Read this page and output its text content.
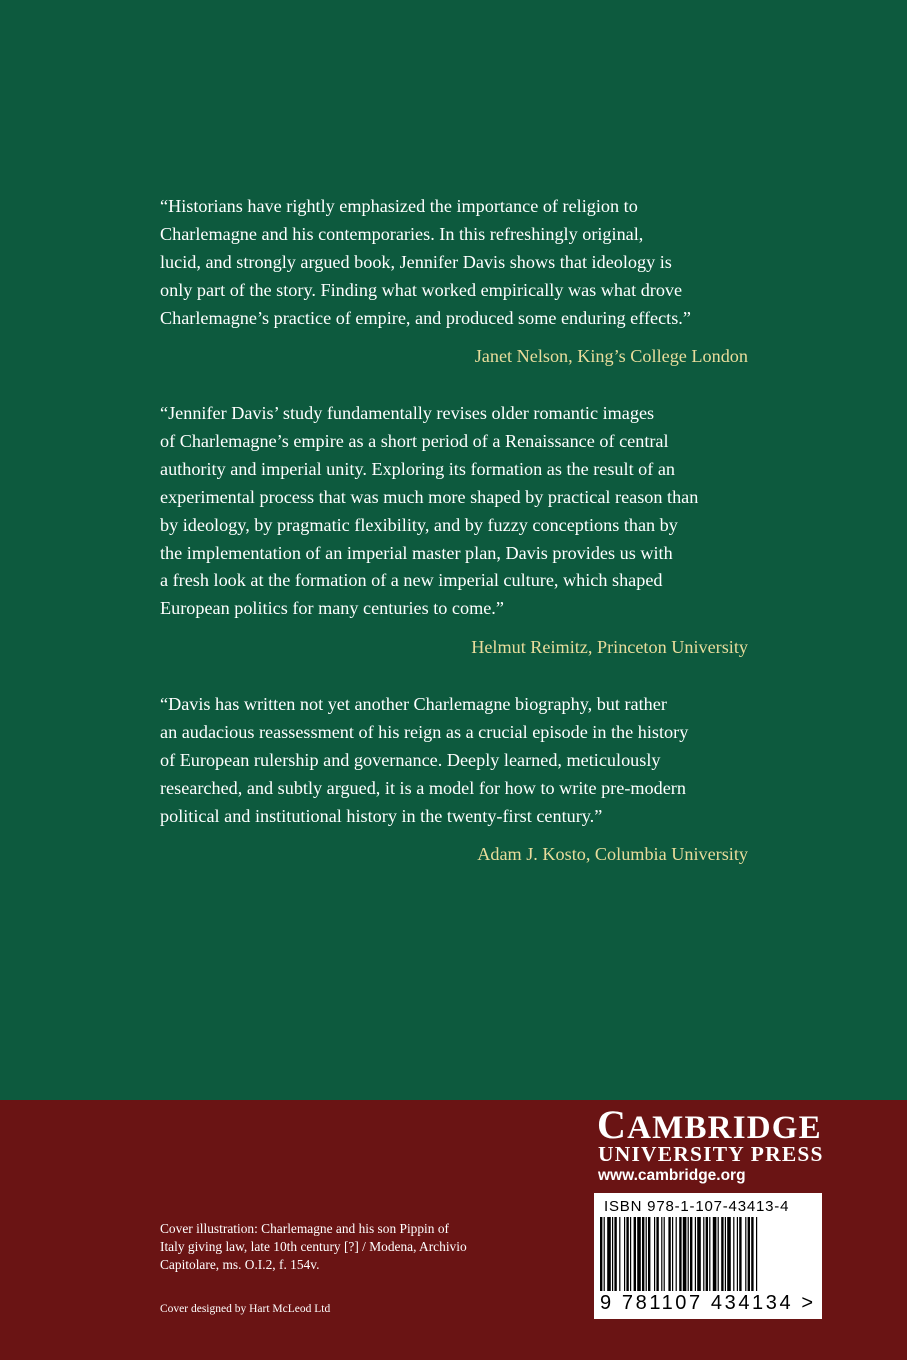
“Historians have rightly emphasized the importance of religion to
Charlemagne and his contemporaries. In this refreshingly original,
lucid, and strongly argued book, Jennifer Davis shows that ideology is
only part of the story. Finding what worked empirically was what drove
Charlemagne’s practice of empire, and produced some enduring effects.”
Janet Nelson, King’s College London
“Jennifer Davis’ study fundamentally revises older romantic images
of Charlemagne’s empire as a short period of a Renaissance of central
authority and imperial unity. Exploring its formation as the result of an
experimental process that was much more shaped by practical reason than
by ideology, by pragmatic flexibility, and by fuzzy conceptions than by
the implementation of an imperial master plan, Davis provides us with
a fresh look at the formation of a new imperial culture, which shaped
European politics for many centuries to come.”
Helmut Reimitz, Princeton University
“Davis has written not yet another Charlemagne biography, but rather
an audacious reassessment of his reign as a crucial episode in the history
of European rulership and governance. Deeply learned, meticulously
researched, and subtly argued, it is a model for how to write pre-modern
political and institutional history in the twenty-first century.”
Adam J. Kosto, Columbia University
CAMBRIDGE
UNIVERSITY PRESS
www.cambridge.org
ISBN 978-1-107-43413-4
9 781107 434134 >
Cover illustration: Charlemagne and his son Pippin of
Italy giving law, late 10th century [?] / Modena, Archivio
Capitolare, ms. O.I.2, f. 154v.
Cover designed by Hart McLeod Ltd
